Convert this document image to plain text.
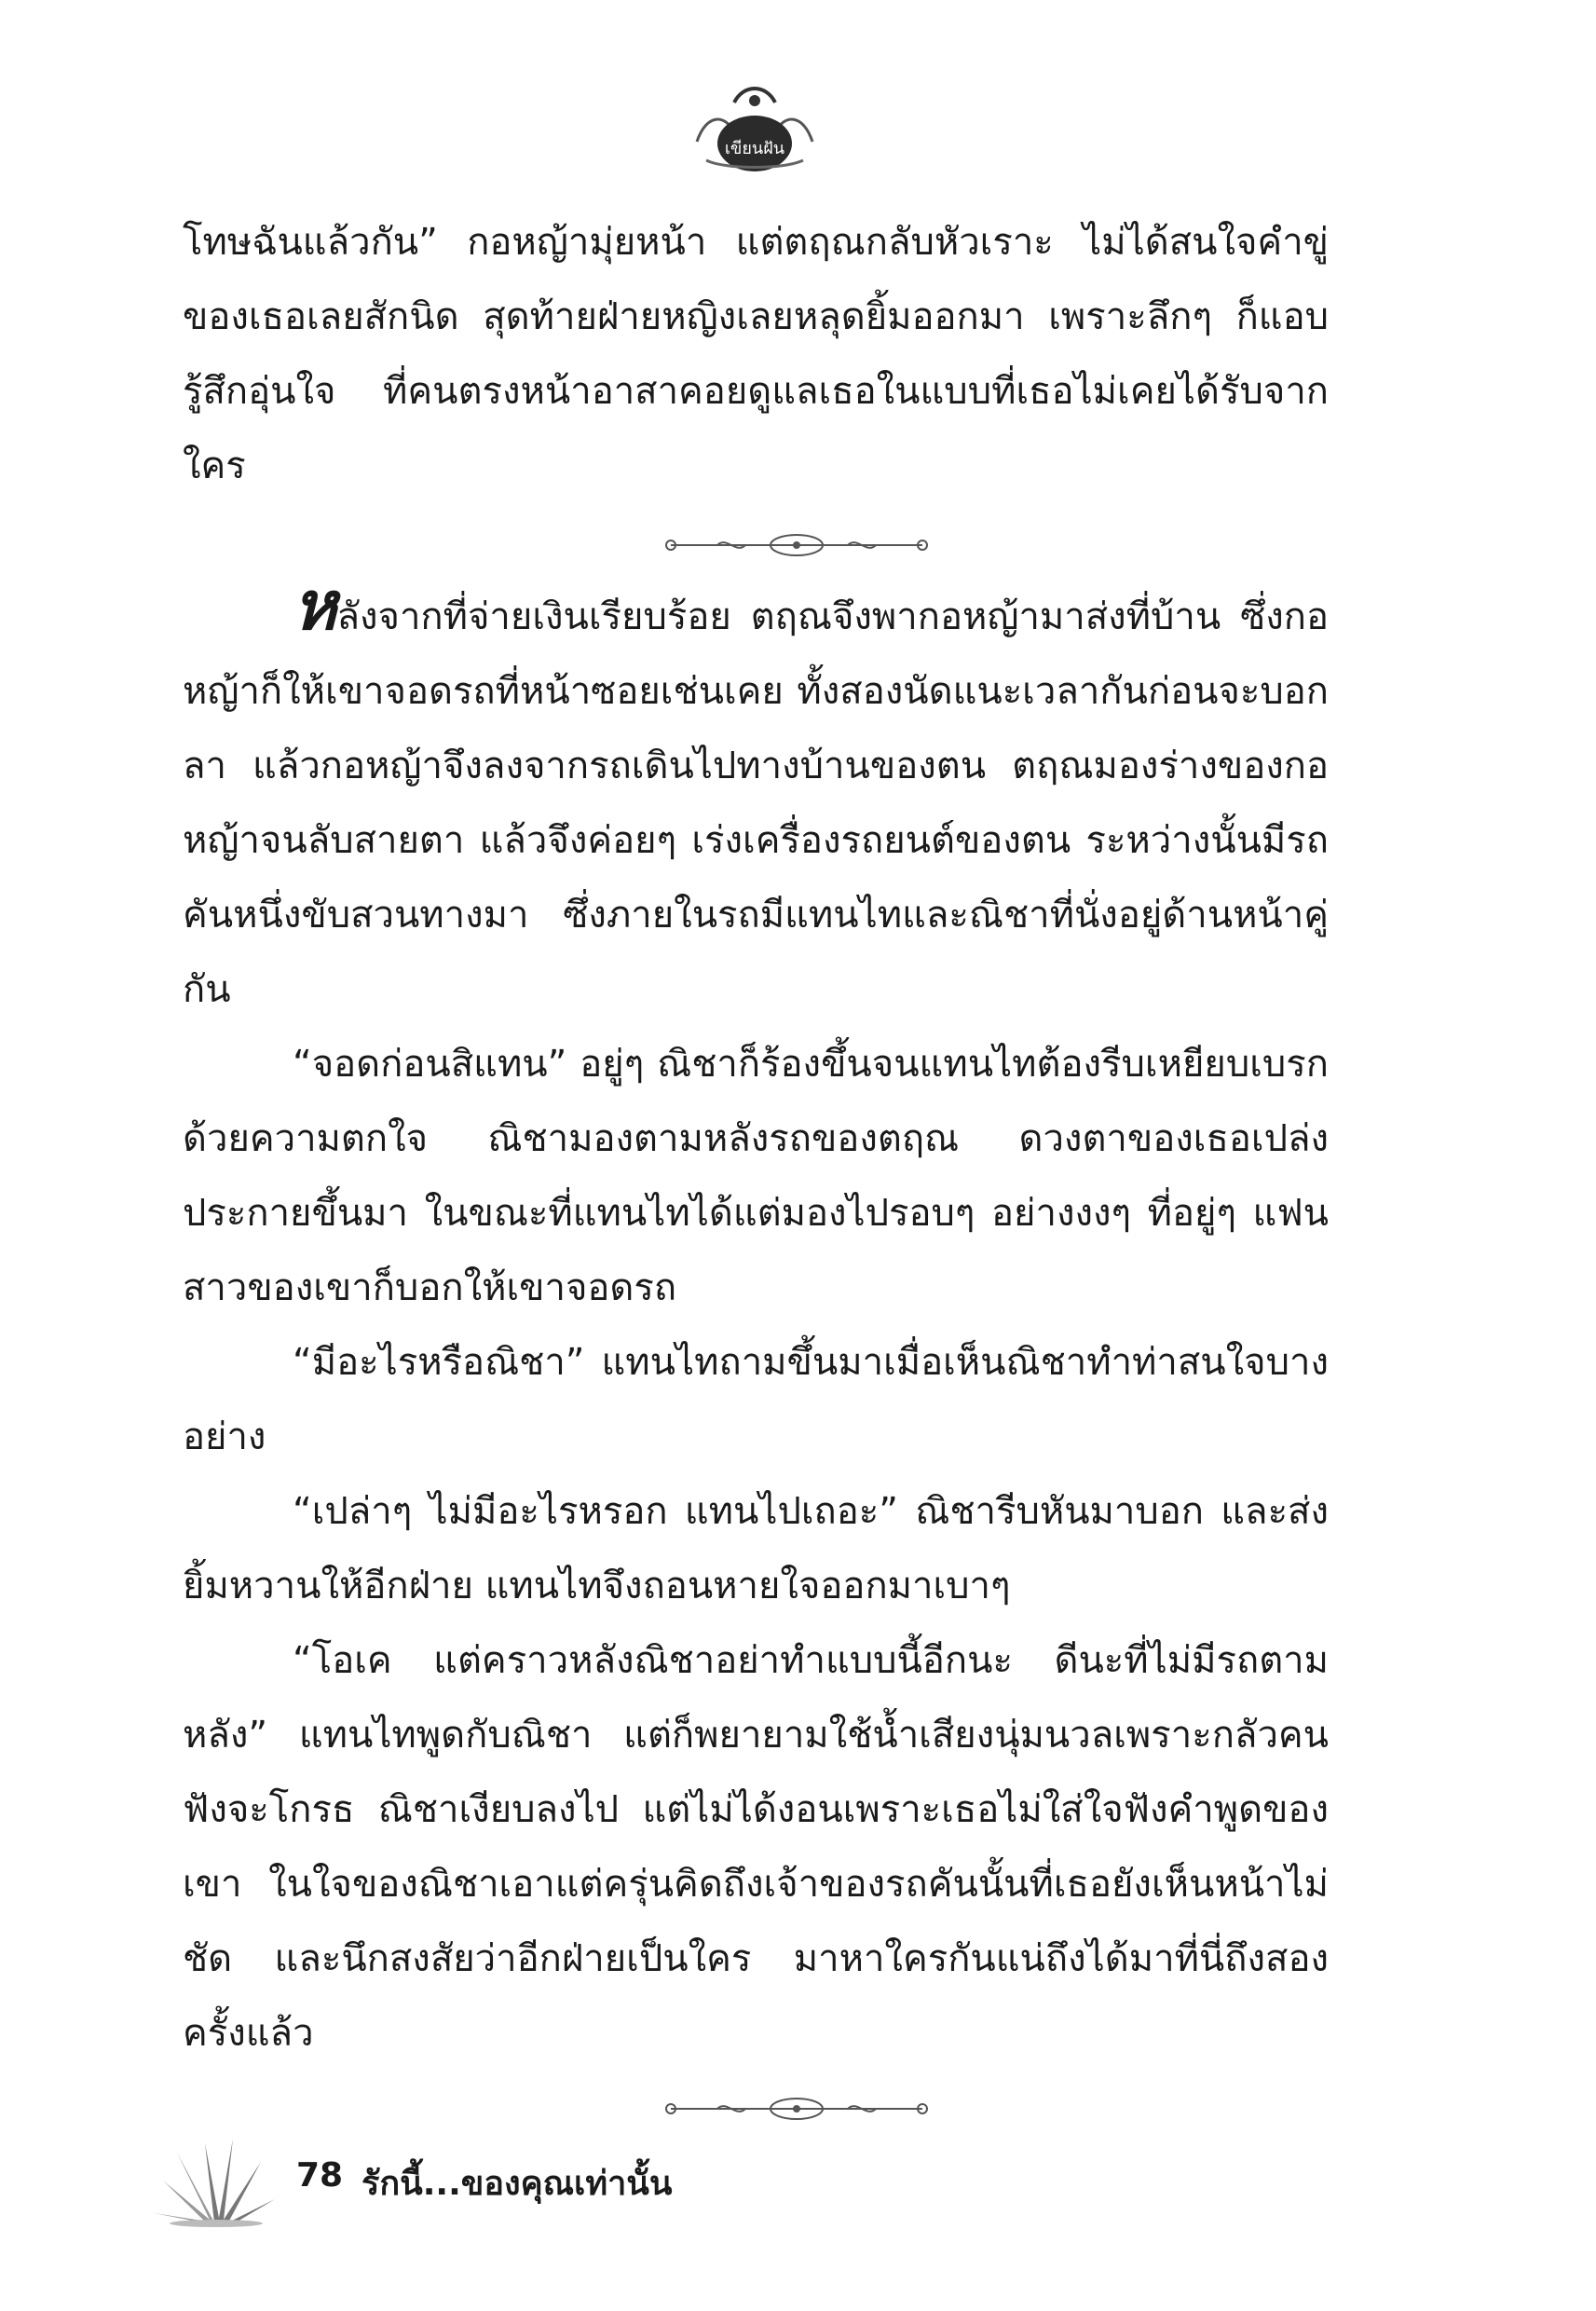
เขียนฝัน

โทษฉันแล้วกัน” กอหญ้ามุ่ยหน้า แต่ตฤณกลับหัวเราะ ไม่ได้สนใจคำขู่ของเธอเลยสักนิด สุดท้ายฝ่ายหญิงเลยหลุดยิ้มออกมา เพราะลึกๆ ก็แอบรู้สึกอุ่นใจ ที่คนตรงหน้าอาสาคอยดูแลเธอในแบบที่เธอไม่เคยได้รับจากใคร

หลังจากที่จ่ายเงินเรียบร้อย ตฤณจึงพากอหญ้ามาส่งที่บ้าน ซึ่งกอหญ้าก็ให้เขาจอดรถที่หน้าซอยเช่นเคย ทั้งสองนัดแนะเวลากันก่อนจะบอกลา แล้วกอหญ้าจึงลงจากรถเดินไปทางบ้านของตน ตฤณมองร่างของกอหญ้าจนลับสายตา แล้วจึงค่อยๆ เร่งเครื่องรถยนต์ของตน ระหว่างนั้นมีรถคันหนึ่งขับสวนทางมา ซึ่งภายในรถมีแทนไทและณิชาที่นั่งอยู่ด้านหน้าคู่กัน

“จอดก่อนสิแทน” อยู่ๆ ณิชาก็ร้องขึ้นจนแทนไทต้องรีบเหยียบเบรกด้วยความตกใจ ณิชามองตามหลังรถของตฤณ ดวงตาของเธอเปล่งประกายขึ้นมา ในขณะที่แทนไทได้แต่มองไปรอบๆ อย่างงงๆ ที่อยู่ๆ แฟนสาวของเขาก็บอกให้เขาจอดรถ

“มีอะไรหรือณิชา” แทนไทถามขึ้นมาเมื่อเห็นณิชาทำท่าสนใจบางอย่าง

“เปล่าๆ ไม่มีอะไรหรอก แทนไปเถอะ” ณิชารีบหันมาบอก และส่งยิ้มหวานให้อีกฝ่าย แทนไทจึงถอนหายใจออกมาเบาๆ

“โอเค แต่คราวหลังณิชาอย่าทำแบบนี้อีกนะ ดีนะที่ไม่มีรถตามหลัง” แทนไทพูดกับณิชา แต่ก็พยายามใช้น้ำเสียงนุ่มนวลเพราะกลัวคนฟังจะโกรธ ณิชาเงียบลงไป แต่ไม่ได้งอนเพราะเธอไม่ใส่ใจฟังคำพูดของเขา ในใจของณิชาเอาแต่ครุ่นคิดถึงเจ้าของรถคันนั้นที่เธอยังเห็นหน้าไม่ชัด และนึกสงสัยว่าอีกฝ่ายเป็นใคร มาหาใครกันแน่ถึงได้มาที่นี่ถึงสองครั้งแล้ว

78 รักนี้...ของคุณเท่านั้น
